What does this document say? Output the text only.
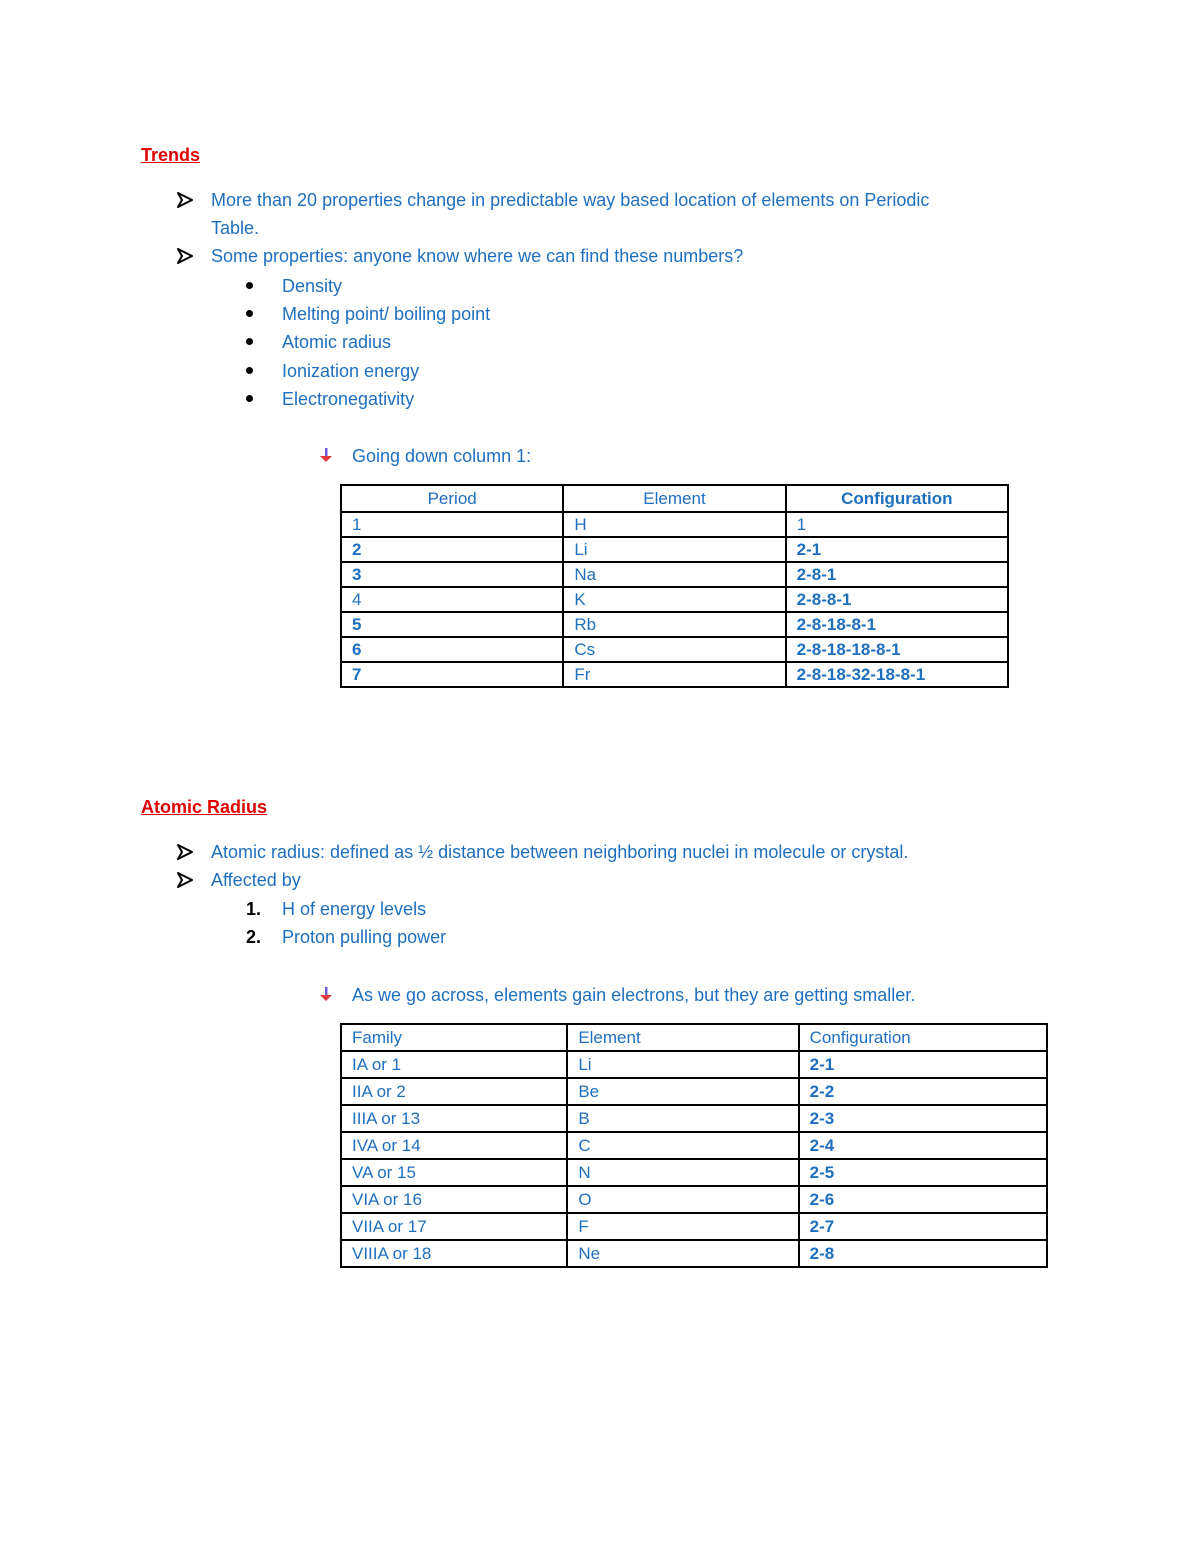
Trends
More than 20 properties change in predictable way based location of elements on Periodic
Table.
Some properties: anyone know where we can find these numbers?
Density
Melting point/ boiling point
Atomic radius
Ionization energy
Electronegativity
Going down column 1:
Period	Element	Configuration
1	H	1
2	Li	2-1
3	Na	2-8-1
4	K	2-8-8-1
5	Rb	2-8-18-8-1
6	Cs	2-8-18-18-8-1
7	Fr	2-8-18-32-18-8-1
Atomic Radius
Atomic radius: defined as ½ distance between neighboring nuclei in molecule or crystal.
Affected by
1. H of energy levels
2. Proton pulling power
As we go across, elements gain electrons, but they are getting smaller.
Family	Element	Configuration
IA or 1	Li	2-1
IIA or 2	Be	2-2
IIIA or 13	B	2-3
IVA or 14	C	2-4
VA or 15	N	2-5
VIA or 16	O	2-6
VIIA or 17	F	2-7
VIIIA or 18	Ne	2-8
